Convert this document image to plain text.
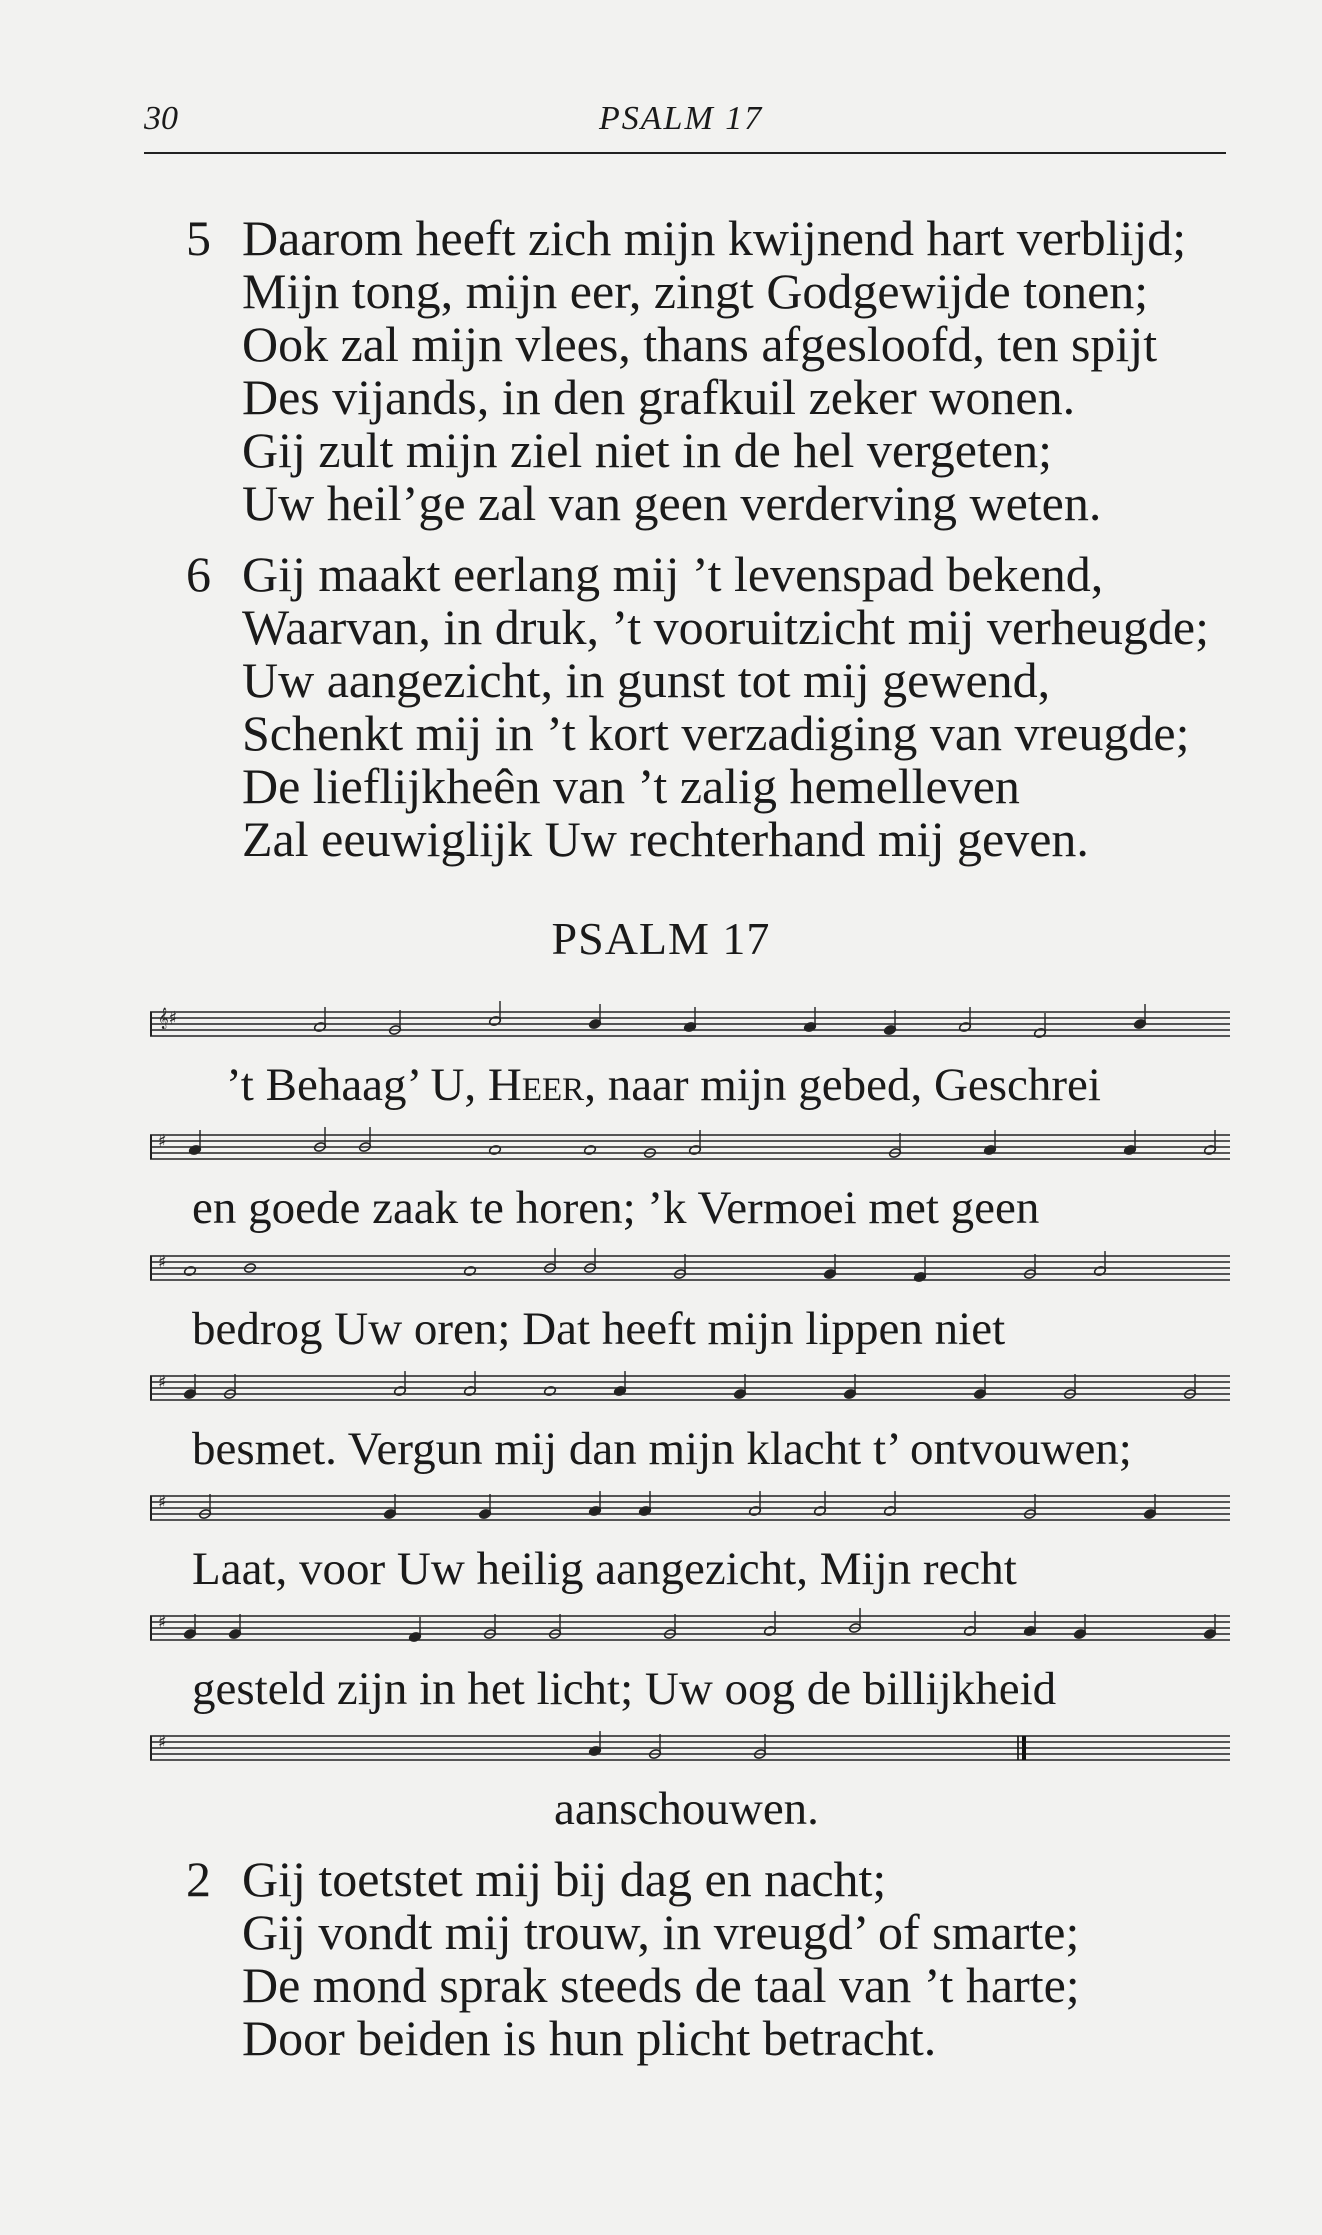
30	PSALM 17
5 Daarom heeft zich mijn kwijnend hart verblijd;
Mijn tong, mijn eer, zingt Godgewijde tonen;
Ook zal mijn vlees, thans afgesloofd, ten spijt
Des vijands, in den grafkuil zeker wonen.
Gij zult mijn ziel niet in de hel vergeten;
Uw heil’ge zal van geen verderving weten.
6 Gij maakt eerlang mij ’t levenspad bekend,
Waarvan, in druk, ’t vooruitzicht mij verheugde;
Uw aangezicht, in gunst tot mij gewend,
Schenkt mij in ’t kort verzadiging van vreugde;
De lieflijkheên van ’t zalig hemelleven
Zal eeuwiglijk Uw rechterhand mij geven.
PSALM 17
𝄞♯
’t Behaag’ U, Heer, naar mijn gebed, Geschrei
♯
en goede zaak te horen; ’k Vermoei met geen
♯
bedrog Uw oren; Dat heeft mijn lippen niet
♯
besmet. Vergun mij dan mijn klacht t’ ontvouwen;
♯
Laat, voor Uw heilig aangezicht, Mijn recht
♯
gesteld zijn in het licht; Uw oog de billijkheid
♯
aanschouwen.
2 Gij toetstet mij bij dag en nacht;
Gij vondt mij trouw, in vreugd’ of smarte;
De mond sprak steeds de taal van ’t harte;
Door beiden is hun plicht betracht.
